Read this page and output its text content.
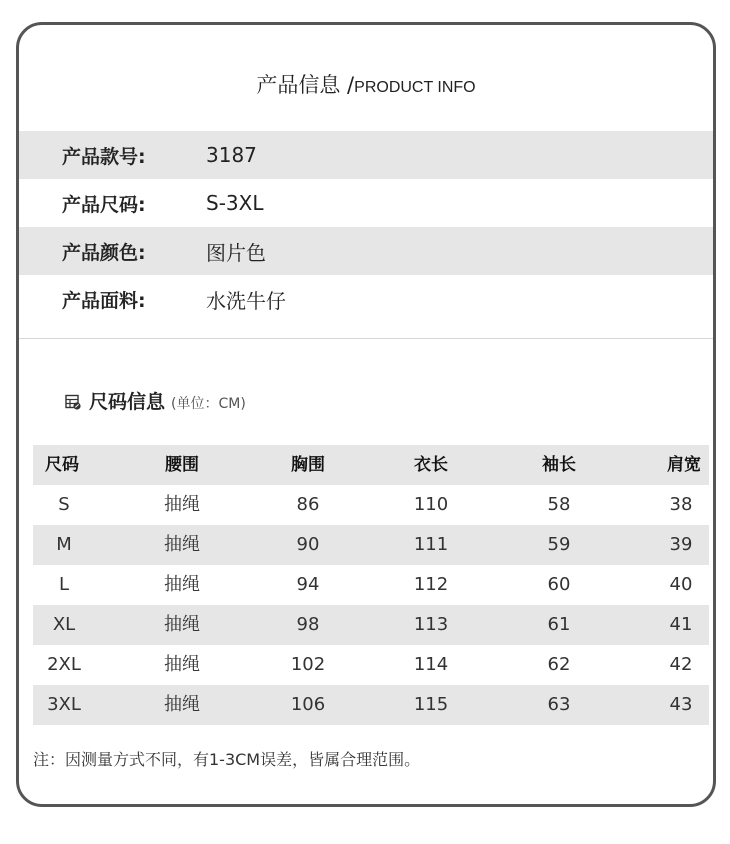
产品信息 /PRODUCT INFO
产品款号:	3187
产品尺码:	S-3XL
产品颜色:	图片色
产品面料:	水洗牛仔
尺码信息 (单位：CM)
尺码	腰围	胸围	衣长	袖长	肩宽
S	抽绳	86	110	58	38
M	抽绳	90	111	59	39
L	抽绳	94	112	60	40
XL	抽绳	98	113	61	41
2XL	抽绳	102	114	62	42
3XL	抽绳	106	115	63	43
注：因测量方式不同，有1-3CM误差，皆属合理范围。
